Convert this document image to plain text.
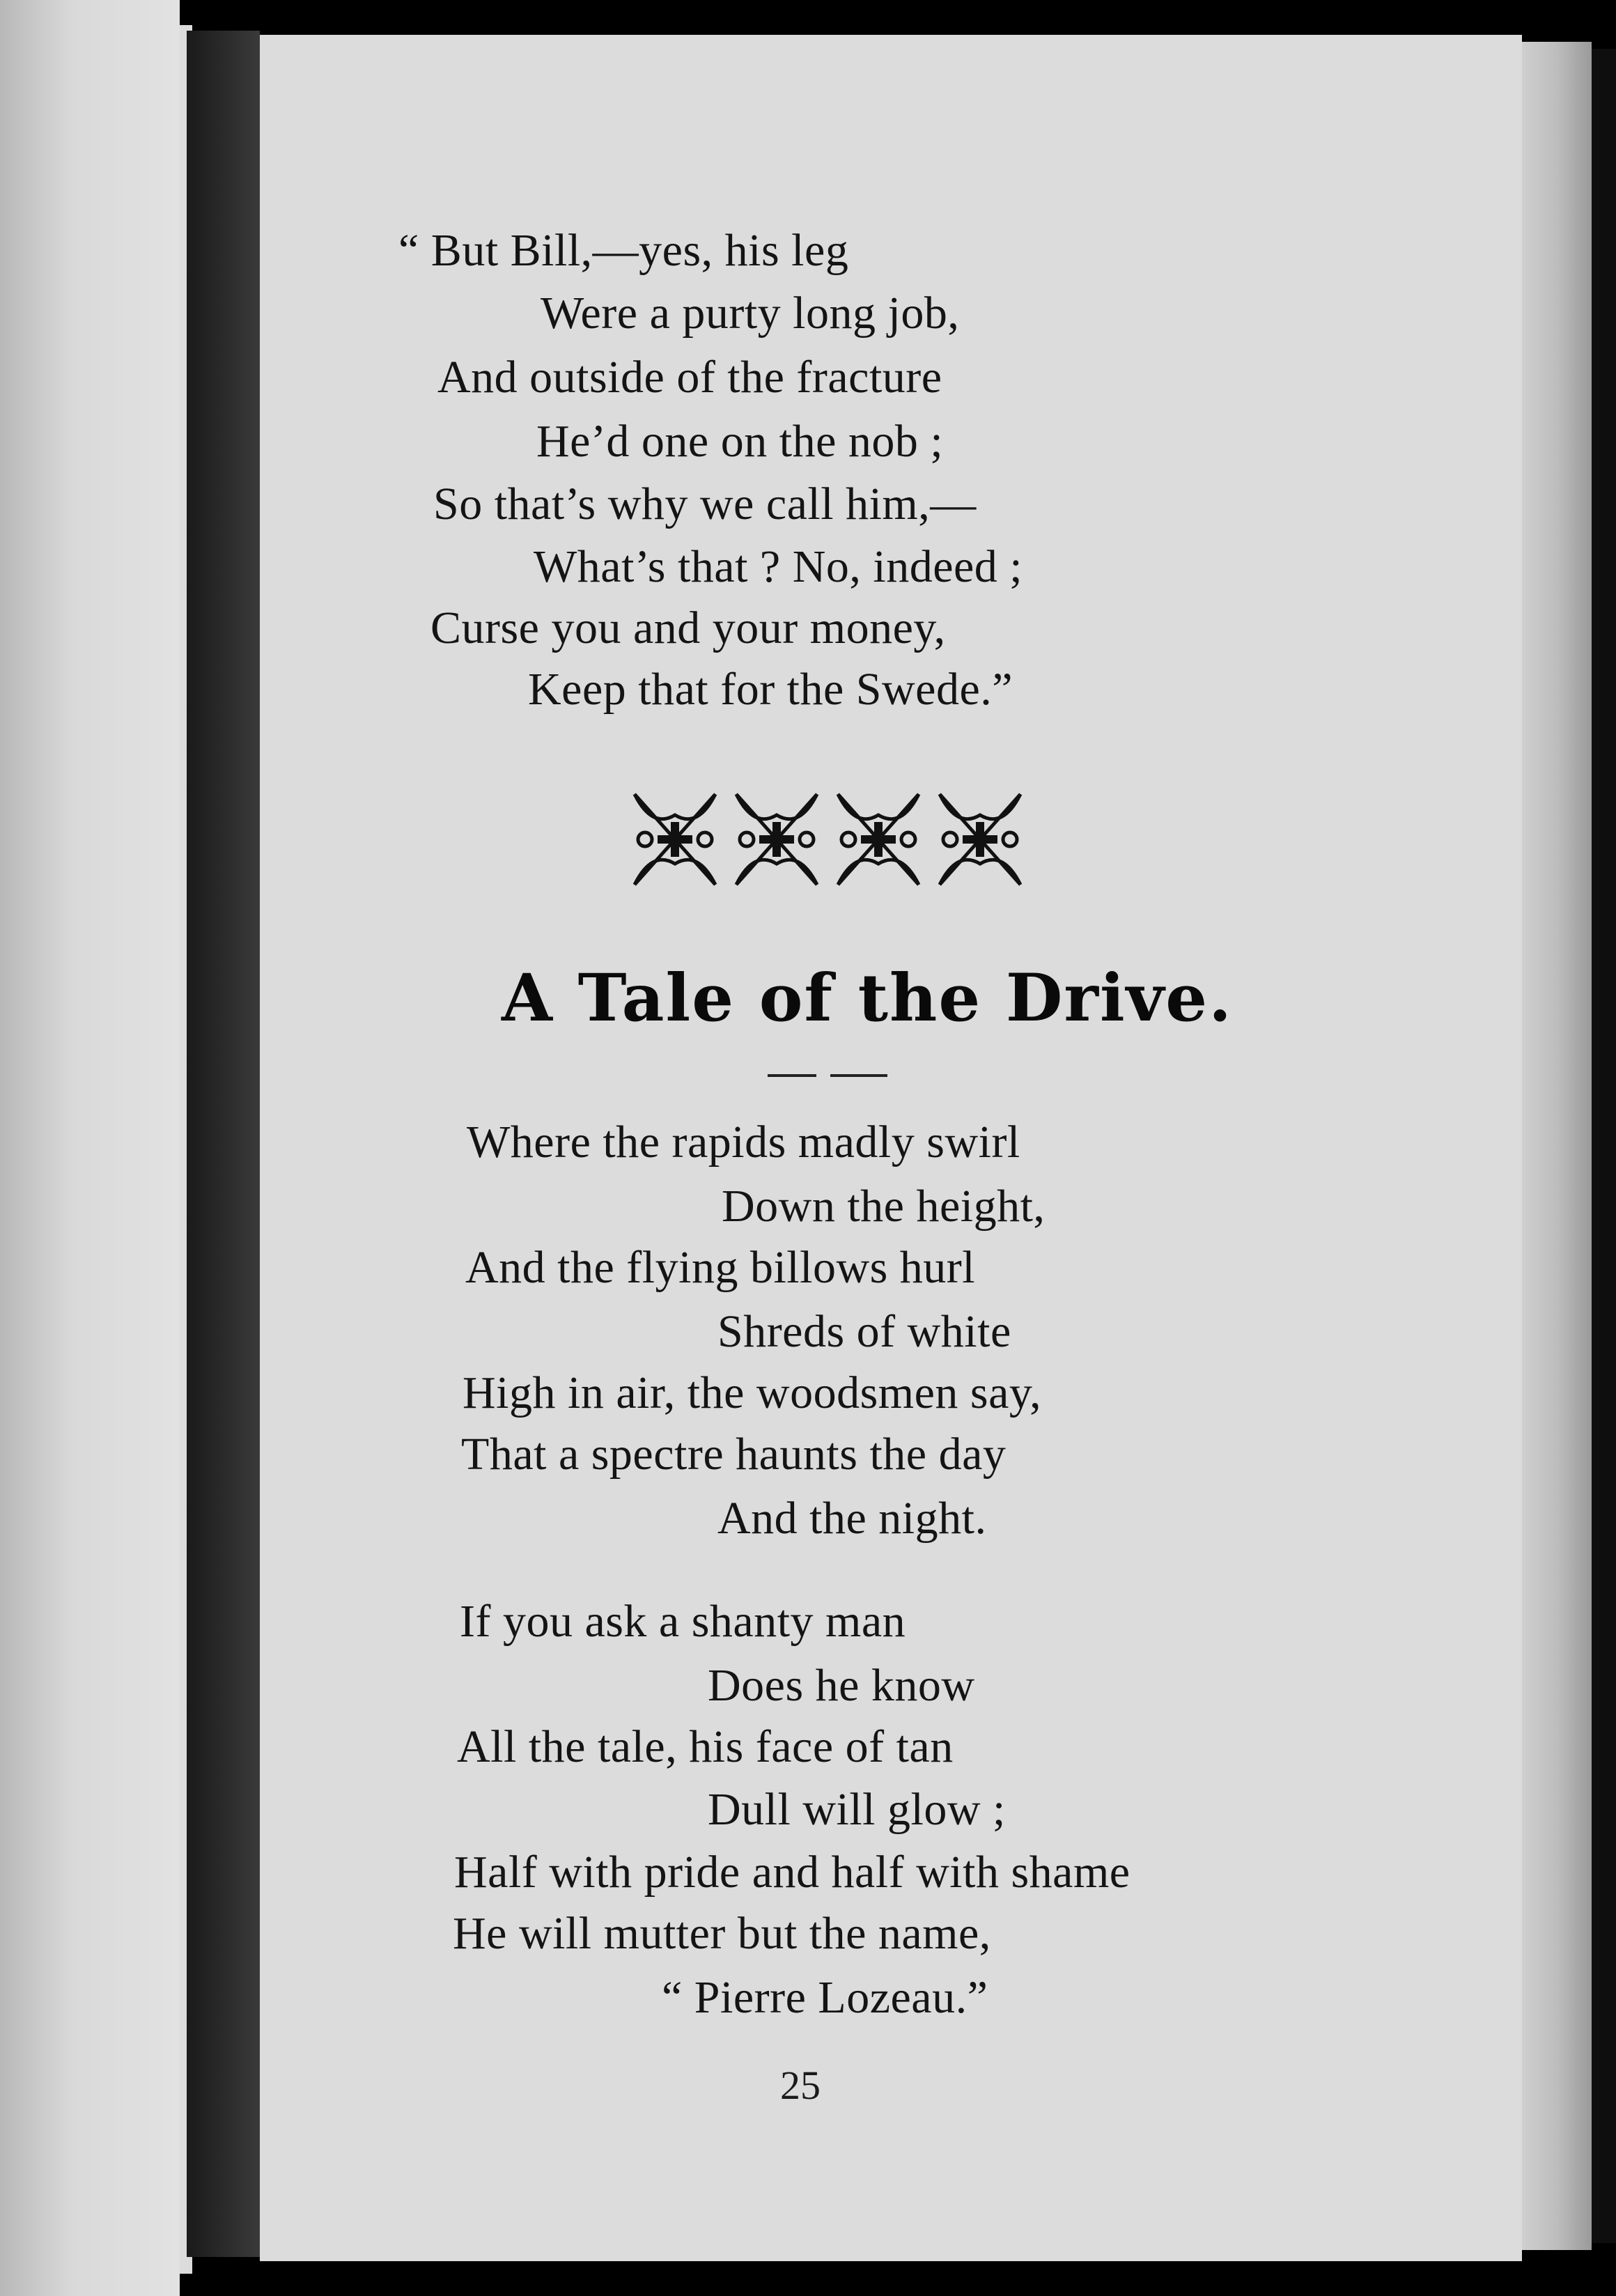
“ But Bill,—yes, his leg
Were a purty long job,
And outside of the fracture
He’d one on the nob ;
So that’s why we call him,—
What’s that ? No, indeed ;
Curse you and your money,
Keep that for the Swede.”
A Tale of the Drive.
Where the rapids madly swirl
Down the height,
And the flying billows hurl
Shreds of white
High in air, the woodsmen say,
That a spectre haunts the day
And the night.
If you ask a shanty man
Does he know
All the tale, his face of tan
Dull will glow ;
Half with pride and half with shame
He will mutter but the name,
“ Pierre Lozeau.”
25
